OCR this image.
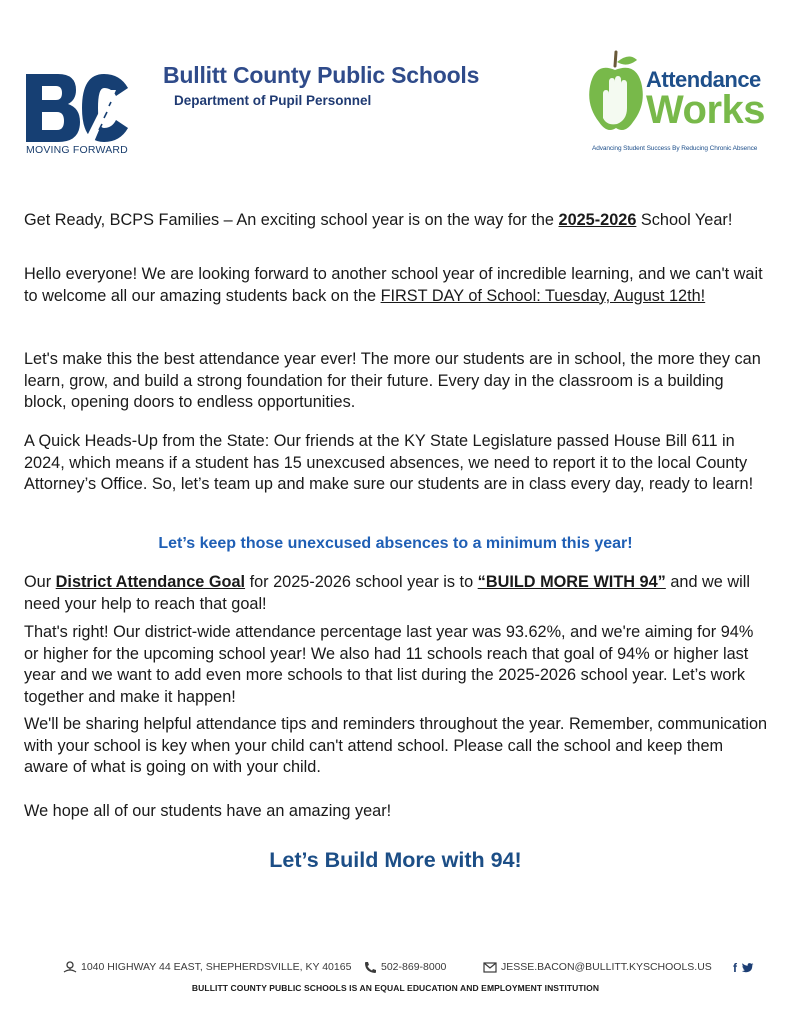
MOVING FORWARD
Bullitt County Public Schools
Department of Pupil Personnel
Attendance
Works
Advancing Student Success By Reducing Chronic Absence
Get Ready, BCPS Families – An exciting school year is on the way for the 2025-2026 School Year!
Hello everyone! We are looking forward to another school year of incredible learning, and we can't wait to welcome all our amazing students back on the FIRST DAY of School: Tuesday, August 12th!
Let's make this the best attendance year ever! The more our students are in school, the more they can learn, grow, and build a strong foundation for their future. Every day in the classroom is a building block, opening doors to endless opportunities.
A Quick Heads-Up from the State: Our friends at the KY State Legislature passed House Bill 611 in 2024, which means if a student has 15 unexcused absences, we need to report it to the local County Attorney’s Office. So, let’s team up and make sure our students are in class every day, ready to learn!
Let’s keep those unexcused absences to a minimum this year!
Our District Attendance Goal for 2025-2026 school year is to “BUILD MORE WITH 94” and we will need your help to reach that goal!
That's right! Our district-wide attendance percentage last year was 93.62%, and we're aiming for 94% or higher for the upcoming school year! We also had 11 schools reach that goal of 94% or higher last year and we want to add even more schools to that list during the 2025-2026 school year. Let’s work together and make it happen!
We'll be sharing helpful attendance tips and reminders throughout the year. Remember, communication with your school is key when your child can't attend school. Please call the school and keep them aware of what is going on with your child.
We hope all of our students have an amazing year!
Let’s Build More with 94!
1040 HIGHWAY 44 EAST, SHEPHERDSVILLE, KY 40165	502-869-8000	JESSE.BACON@BULLITT.KYSCHOOLS.US f
BULLITT COUNTY PUBLIC SCHOOLS IS AN EQUAL EDUCATION AND EMPLOYMENT INSTITUTION
